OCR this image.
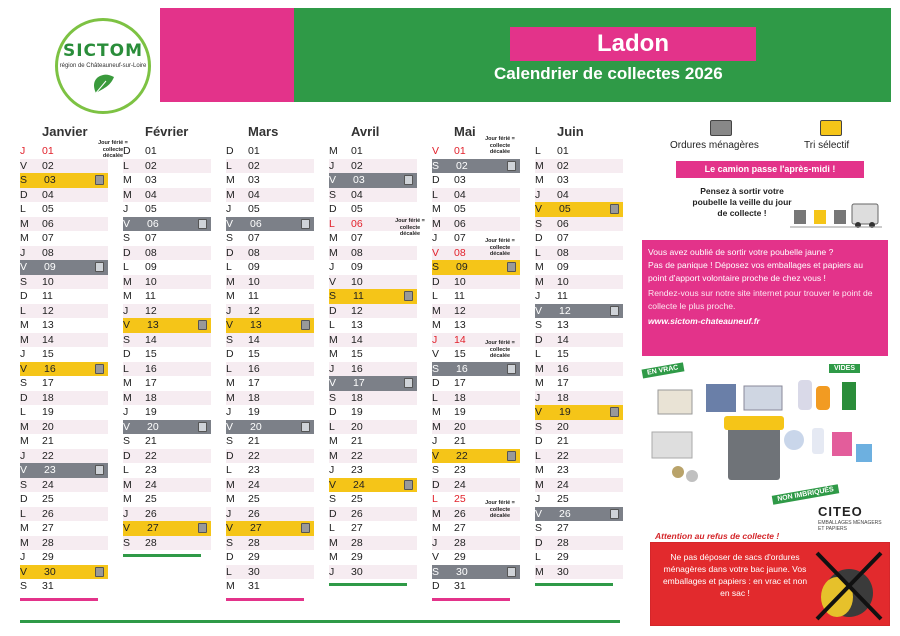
SICTOM
région de Châteauneuf-sur-Loire
Ladon
Calendrier de collectes 2026
Janvier
J	01
V	02
S	03
D	04
L	05
M	06
M	07
J	08
V	09
S	10
D	11
L	12
M	13
M	14
J	15
V	16
S	17
D	18
L	19
M	20
M	21
J	22
V	23
S	24
D	25
L	26
M	27
M	28
J	29
V	30
S	31
Février
D	01
L	02
M	03
M	04
J	05
V	06
S	07
D	08
L	09
M	10
M	11
J	12
V	13
S	14
D	15
L	16
M	17
M	18
J	19
V	20
S	21
D	22
L	23
M	24
M	25
J	26
V	27
S	28
Mars
D	01
L	02
M	03
M	04
J	05
V	06
S	07
D	08
L	09
M	10
M	11
J	12
V	13
S	14
D	15
L	16
M	17
M	18
J	19
V	20
S	21
D	22
L	23
M	24
M	25
J	26
V	27
S	28
D	29
L	30
M	31
Avril
M	01
J	02
V	03
S	04
D	05
L	06
M	07
M	08
J	09
V	10
S	11
D	12
L	13
M	14
M	15
J	16
V	17
S	18
D	19
L	20
M	21
M	22
J	23
V	24
S	25
D	26
L	27
M	28
M	29
J	30
Mai
V	01
S	02
D	03
L	04
M	05
M	06
J	07
V	08
S	09
D	10
L	11
M	12
M	13
J	14
V	15
S	16
D	17
L	18
M	19
M	20
J	21
V	22
S	23
D	24
L	25
M	26
M	27
J	28
V	29
S	30
D	31
Juin
L	01
M	02
M	03
J	04
V	05
S	06
D	07
L	08
M	09
M	10
J	11
V	12
S	13
D	14
L	15
M	16
M	17
J	18
V	19
S	20
D	21
L	22
M	23
M	24
J	25
V	26
S	27
D	28
L	29
M	30
Jour férié = collecte décalée
Jour férié = collecte décalée
Jour férié = collecte décalée
Jour férié = collecte décalée
Jour férié = collecte décalée
Jour férié = collecte décalée
Ordures ménagères	Tri sélectif
Le camion passe l'après-midi !
Pensez à sortir votre poubelle la veille du jour de collecte !
Vous avez oublié de sortir votre poubelle jaune ?
Pas de panique ! Déposez vos emballages et papiers au point d'apport volontaire proche de chez vous !
Rendez-vous sur notre site internet pour trouver le point de collecte le plus proche.
www.sictom-chateauneuf.fr
EN VRAC	VIDES
NON IMBRIQUÉS
CITEO
EMBALLAGES MÉNAGERS ET PAPIERS
Attention au refus de collecte !
Ne pas déposer de sacs d'ordures ménagères dans votre bac jaune. Vos emballages et papiers : en vrac et non en sac !
